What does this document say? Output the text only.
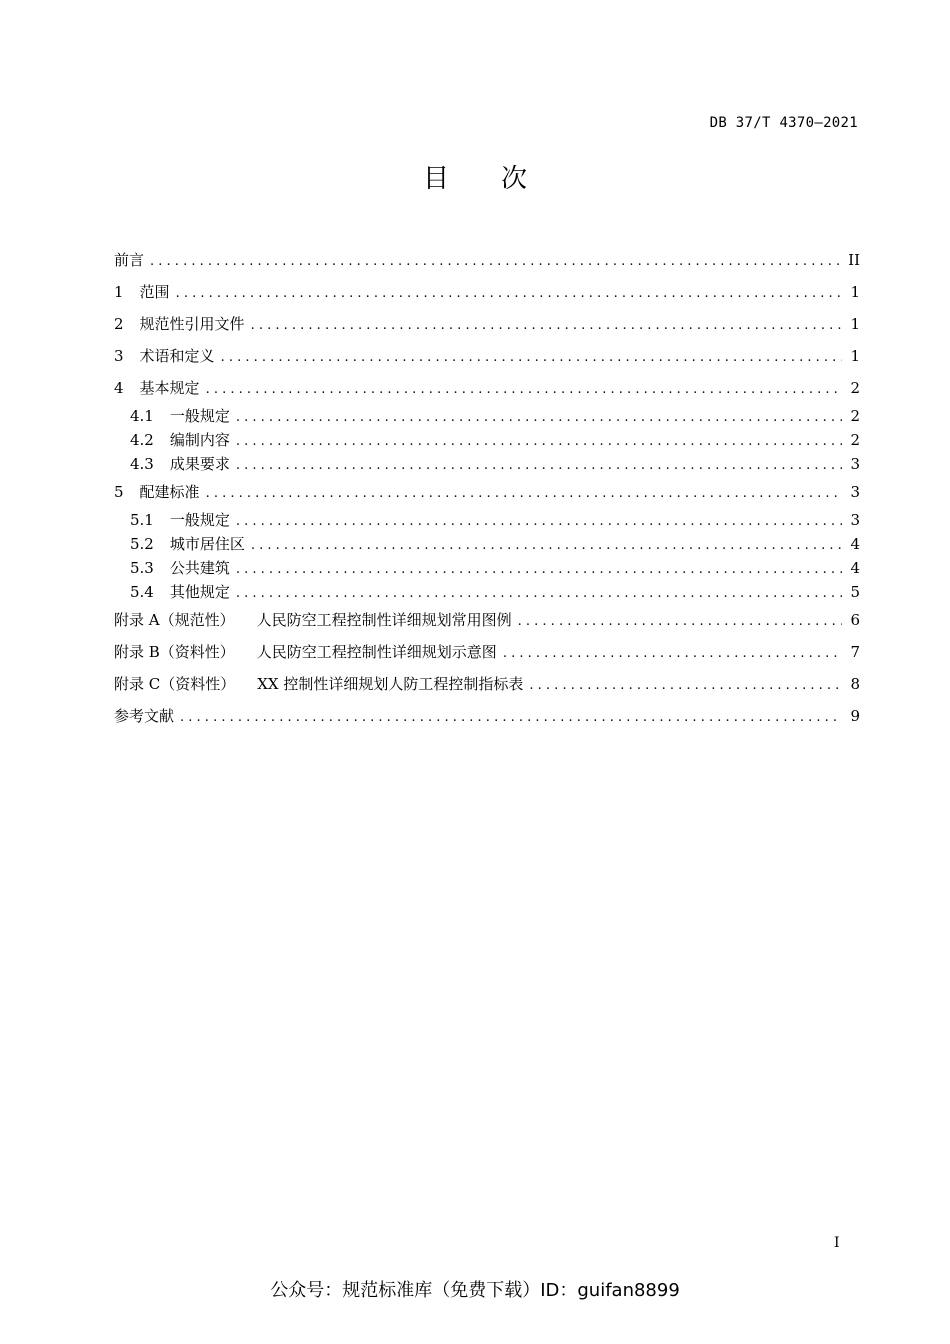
DB 37/T 4370—2021
目次
前言 . . .	II
1 范围 . . .	1
2 规范性引用文件 . . .	1
3 术语和定义 . . .	1
4 基本规定 . . .	2
4.1 一般规定 . . .	2
4.2 编制内容 . . .	2
4.3 成果要求 . . .	3
5 配建标准 . . .	3
5.1 一般规定 . . .	3
5.2 城市居住区 . . .	4
5.3 公共建筑 . . .	4
5.4 其他规定 . . .	5
附录 A（规范性） 人民防空工程控制性详细规划常用图例 . . .	6
附录 B（资料性） 人民防空工程控制性详细规划示意图 . . .	7
附录 C（资料性） XX 控制性详细规划人防工程控制指标表 . . .	8
参考文献 . . .	9
I
公众号：规范标准库（免费下载）ID：guifan8899
